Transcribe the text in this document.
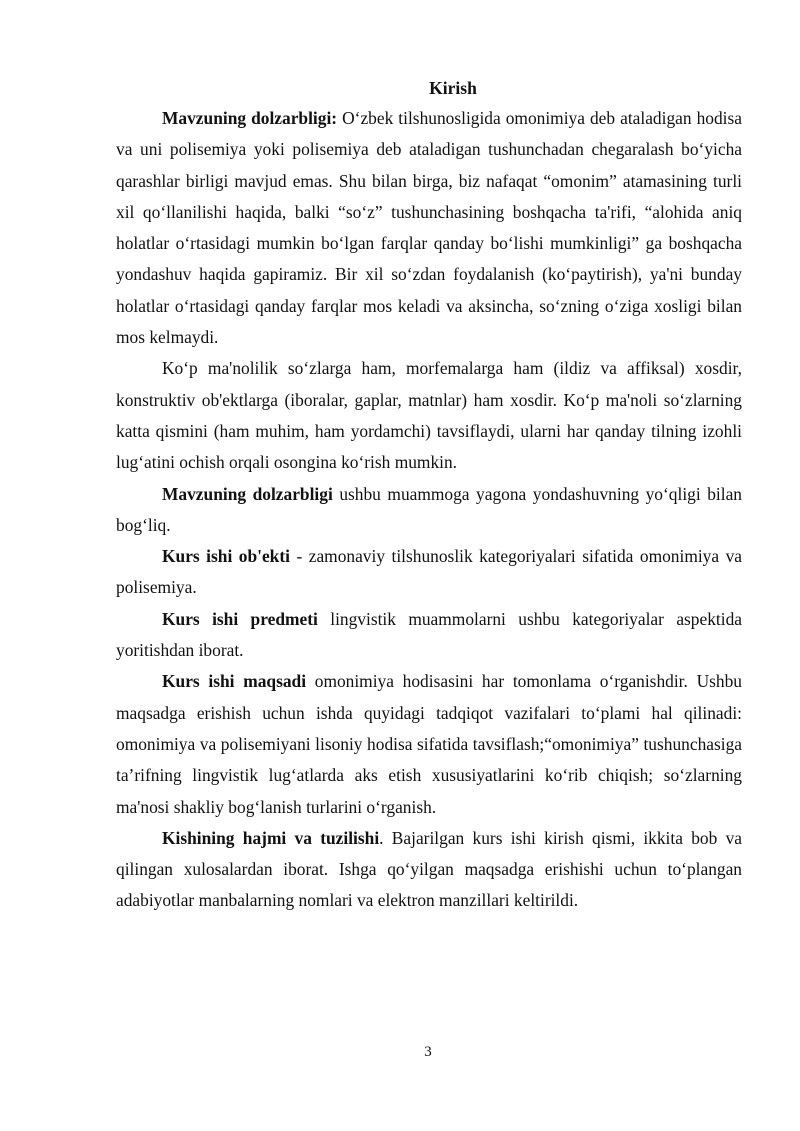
Kirish

Mavzuning dolzarbligi: O‘zbek tilshunosligida omonimiya deb ataladigan hodisa va uni polisemiya yoki polisemiya deb ataladigan tushunchadan chegaralash bo‘yicha qarashlar birligi mavjud emas. Shu bilan birga, biz nafaqat “omonim” atamasining turli xil qo‘llanilishi haqida, balki “so‘z” tushunchasining boshqacha ta'rifi, “alohida aniq holatlar o‘rtasidagi mumkin bo‘lgan farqlar qanday bo‘lishi mumkinligi” ga boshqacha yondashuv haqida gapiramiz. Bir xil so‘zdan foydalanish (ko‘paytirish), ya'ni bunday holatlar o‘rtasidagi qanday farqlar mos keladi va aksincha, so‘zning o‘ziga xosligi bilan mos kelmaydi.

Ko‘p ma'nolilik so‘zlarga ham, morfemalarga ham (ildiz va affiksal) xosdir, konstruktiv ob'ektlarga (iboralar, gaplar, matnlar) ham xosdir. Ko‘p ma'noli so‘zlarning katta qismini (ham muhim, ham yordamchi) tavsiflaydi, ularni har qanday tilning izohli lug‘atini ochish orqali osongina ko‘rish mumkin.

Mavzuning dolzarbligi ushbu muammoga yagona yondashuvning yo‘qligi bilan bog‘liq.

Kurs ishi ob'ekti - zamonaviy tilshunoslik kategoriyalari sifatida omonimiya va polisemiya.

Kurs ishi predmeti lingvistik muammolarni ushbu kategoriyalar aspektida yoritishdan iborat.

Kurs ishi maqsadi omonimiya hodisasini har tomonlama o‘rganishdir. Ushbu maqsadga erishish uchun ishda quyidagi tadqiqot vazifalari to‘plami hal qilinadi: omonimiya va polisemiyani lisoniy hodisa sifatida tavsiflash;“omonimiya” tushunchasiga ta’rifning lingvistik lug‘atlarda aks etish xususiyatlarini ko‘rib chiqish; so‘zlarning ma'nosi shakliy bog‘lanish turlarini o‘rganish.

Kishining hajmi va tuzilishi. Bajarilgan kurs ishi kirish qismi, ikkita bob va qilingan xulosalardan iborat. Ishga qo‘yilgan maqsadga erishishi uchun to‘plangan adabiyotlar manbalarning nomlari va elektron manzillari keltirildi.

3
